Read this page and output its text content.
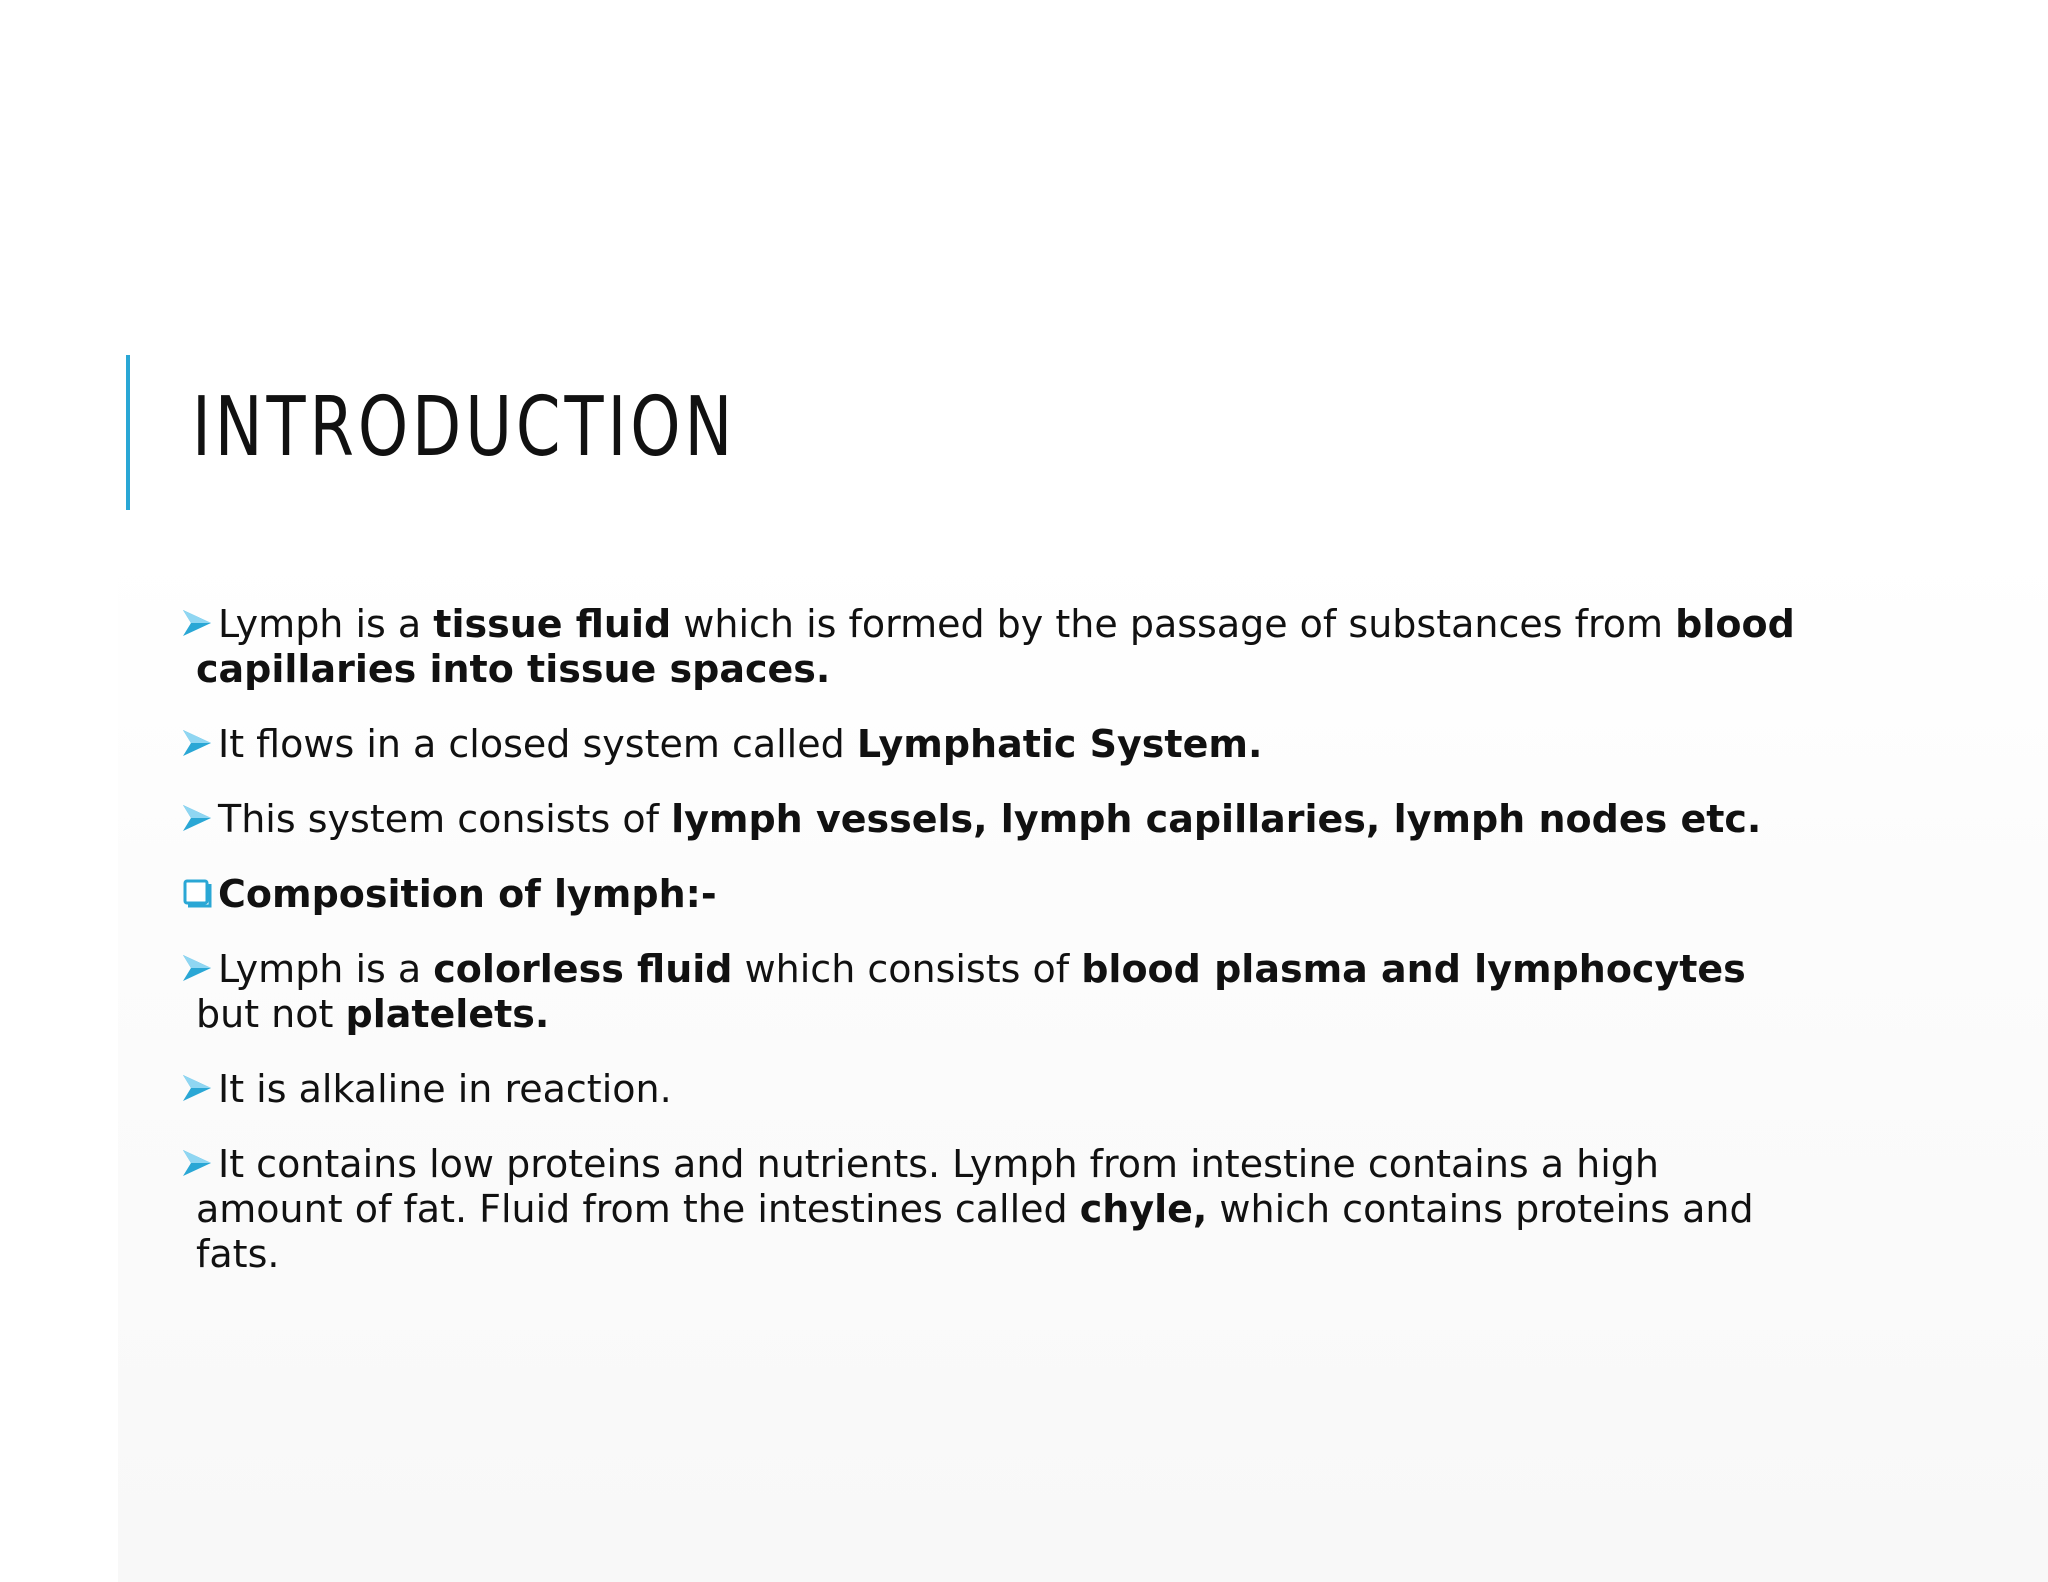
INTRODUCTION
Lymph is a tissue fluid which is formed by the passage of substances from blood capillaries into tissue spaces.
It flows in a closed system called Lymphatic System.
This system consists of lymph vessels, lymph capillaries, lymph nodes etc.
Composition of lymph:-
Lymph is a colorless fluid which consists of blood plasma and lymphocytes but not platelets.
It is alkaline in reaction.
It contains low proteins and nutrients. Lymph from intestine contains a high amount of fat. Fluid from the intestines called chyle, which contains proteins and fats.
